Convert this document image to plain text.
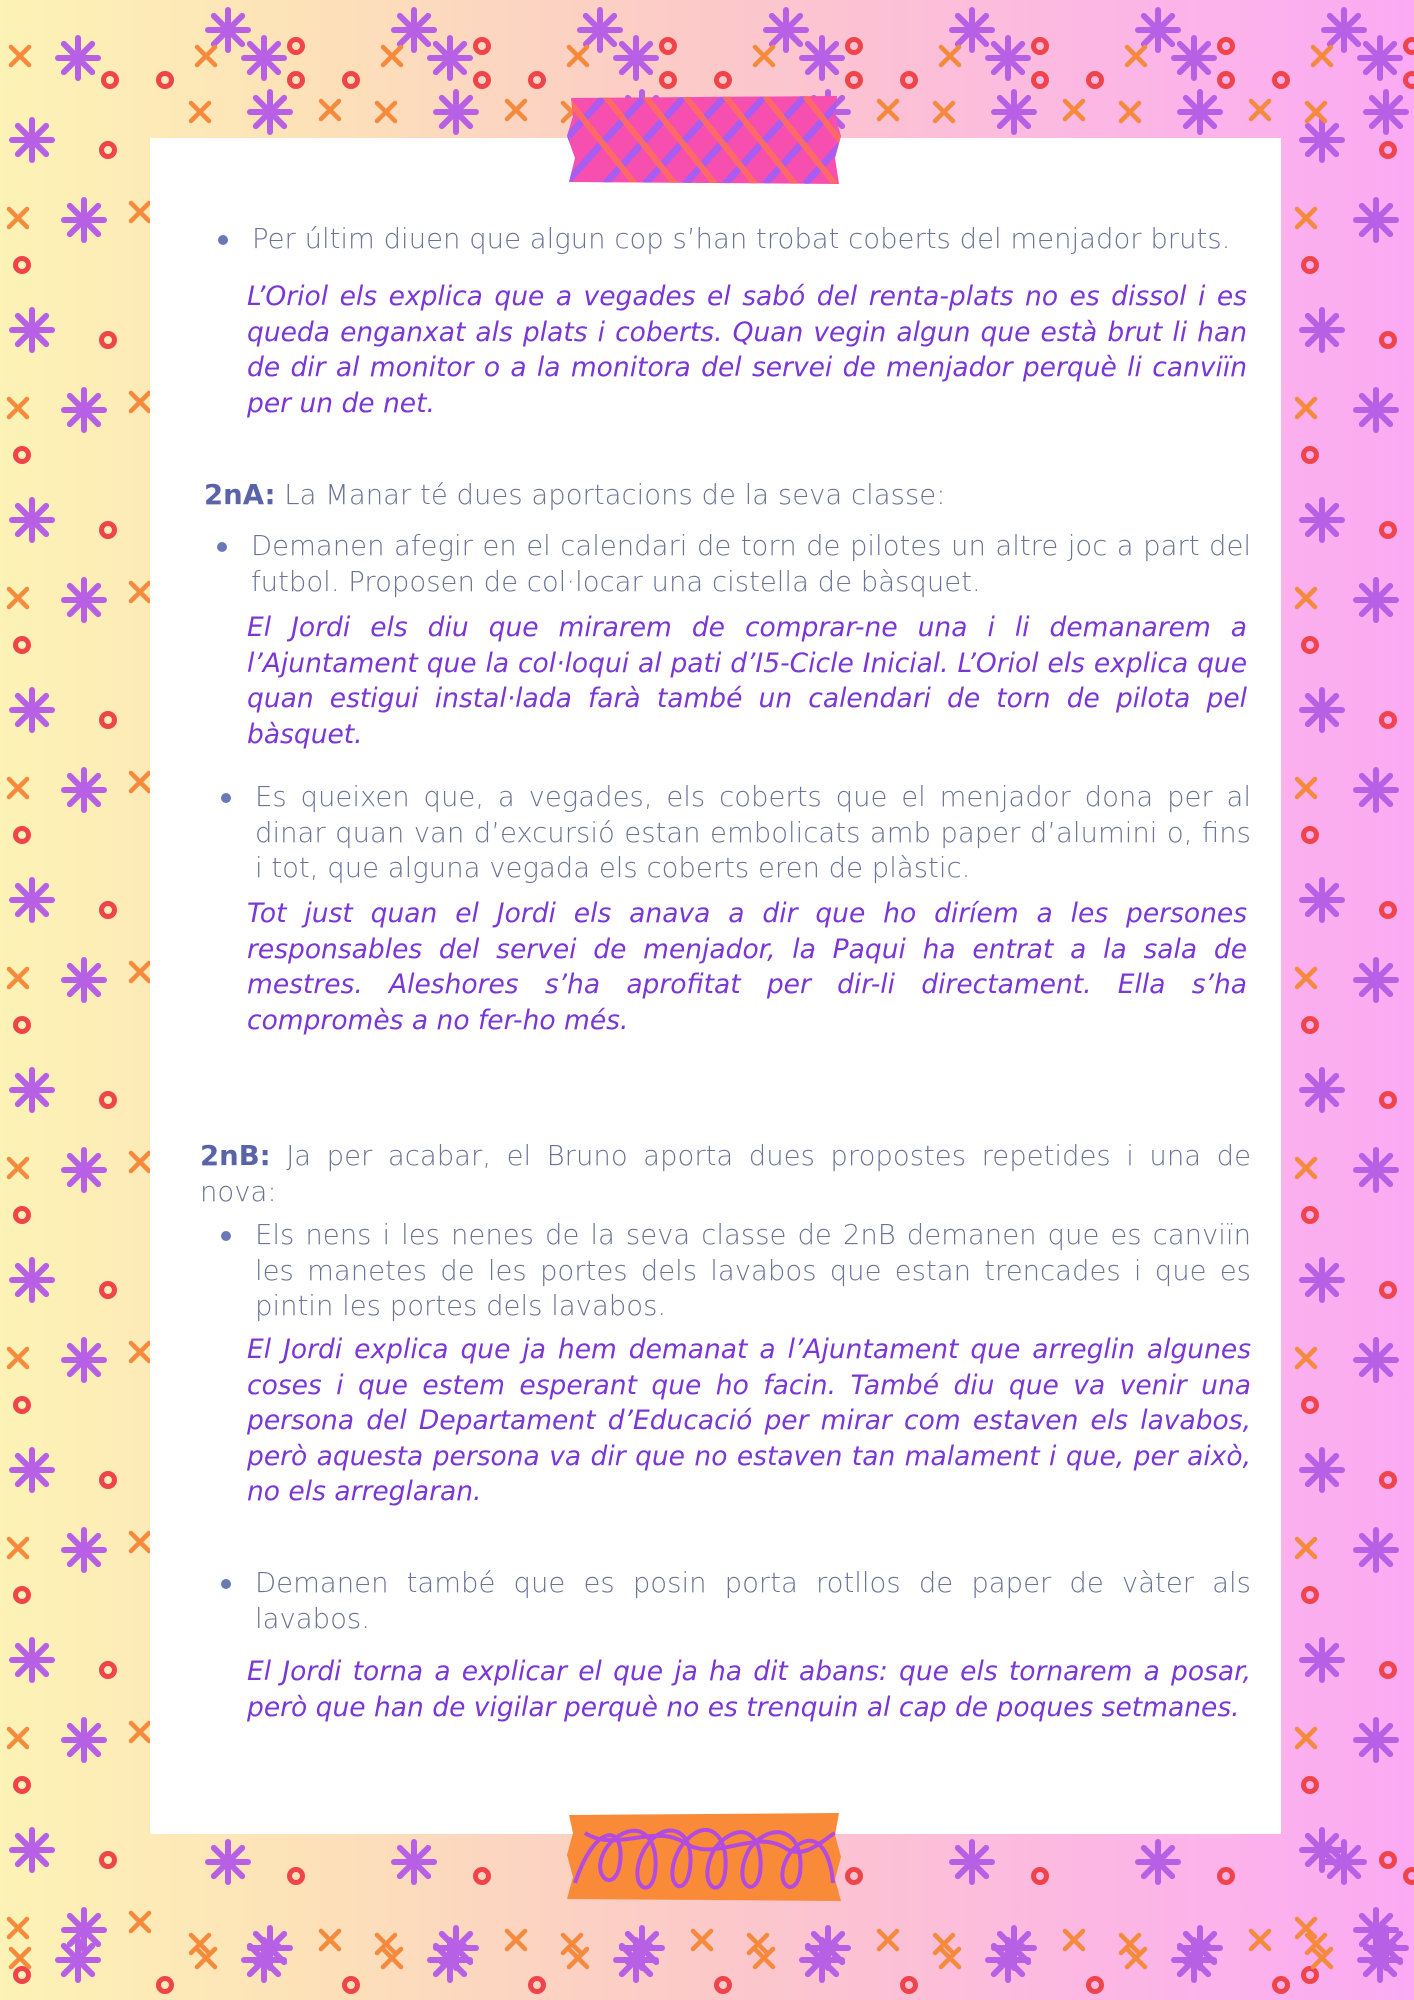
Per últim diuen que algun cop s’han trobat coberts del menjador bruts.
L’Oriol els explica que a vegades el sabó del renta-plats no es dissol i es queda enganxat als plats i coberts. Quan vegin algun que està brut li han de dir al monitor o a la monitora del servei de menjador perquè li canviïn per un de net.
2nA: La Manar té dues aportacions de la seva classe:
Demanen afegir en el calendari de torn de pilotes un altre joc a part del futbol. Proposen de col·locar una cistella de bàsquet.
El Jordi els diu que mirarem de comprar-ne una i li demanarem a l’Ajuntament que la col·loqui al pati d’I5-Cicle Inicial. L’Oriol els explica que quan estigui instal·lada farà també un calendari de torn de pilota pel bàsquet.
Es queixen que, a vegades, els coberts que el menjador dona per al dinar quan van d’excursió estan embolicats amb paper d’alumini o, fins i tot, que alguna vegada els coberts eren de plàstic.
Tot just quan el Jordi els anava a dir que ho diríem a les persones responsables del servei de menjador, la Paqui ha entrat a la sala de mestres. Aleshores s’ha aprofitat per dir-li directament. Ella s’ha compromès a no fer-ho més.
2nB: Ja per acabar, el Bruno aporta dues propostes repetides i una de nova:
Els nens i les nenes de la seva classe de 2nB demanen que es canviïn les manetes de les portes dels lavabos que estan trencades i que es pintin les portes dels lavabos.
El Jordi explica que ja hem demanat a l’Ajuntament que arreglin algunes coses i que estem esperant que ho facin. També diu que va venir una persona del Departament d’Educació per mirar com estaven els lavabos, però aquesta persona va dir que no estaven tan malament i que, per això, no els arreglaran.
Demanen també que es posin porta rotllos de paper de vàter als lavabos.
El Jordi torna a explicar el que ja ha dit abans: que els tornarem a posar, però que han de vigilar perquè no es trenquin al cap de poques setmanes.
